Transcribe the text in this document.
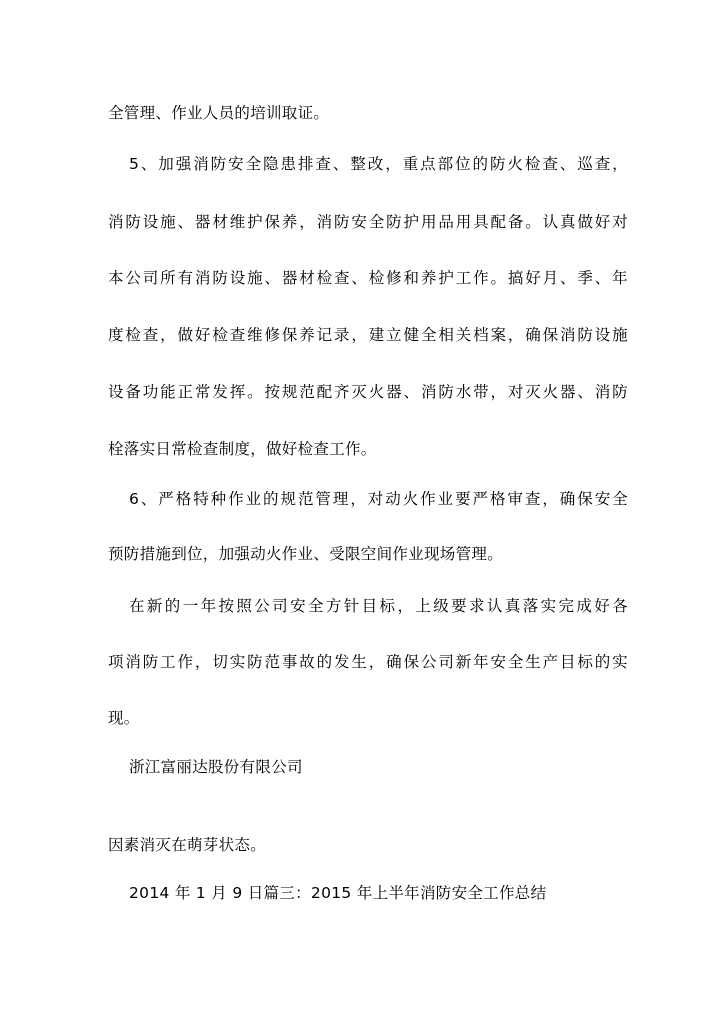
全管理、作业人员的培训取证。
5、加强消防安全隐患排查、整改，重点部位的防火检查、巡查，
消防设施、器材维护保养，消防安全防护用品用具配备。认真做好对
本公司所有消防设施、器材检查、检修和养护工作。搞好月、季、年
度检查，做好检查维修保养记录，建立健全相关档案，确保消防设施
设备功能正常发挥。按规范配齐灭火器、消防水带，对灭火器、消防
栓落实日常检查制度，做好检查工作。
6、严格特种作业的规范管理，对动火作业要严格审查，确保安全
预防措施到位，加强动火作业、受限空间作业现场管理。
在新的一年按照公司安全方针目标，上级要求认真落实完成好各
项消防工作，切实防范事故的发生，确保公司新年安全生产目标的实
现。
浙江富丽达股份有限公司
因素消灭在萌芽状态。
2014 年 1 月 9 日篇三：2015 年上半年消防安全工作总结
